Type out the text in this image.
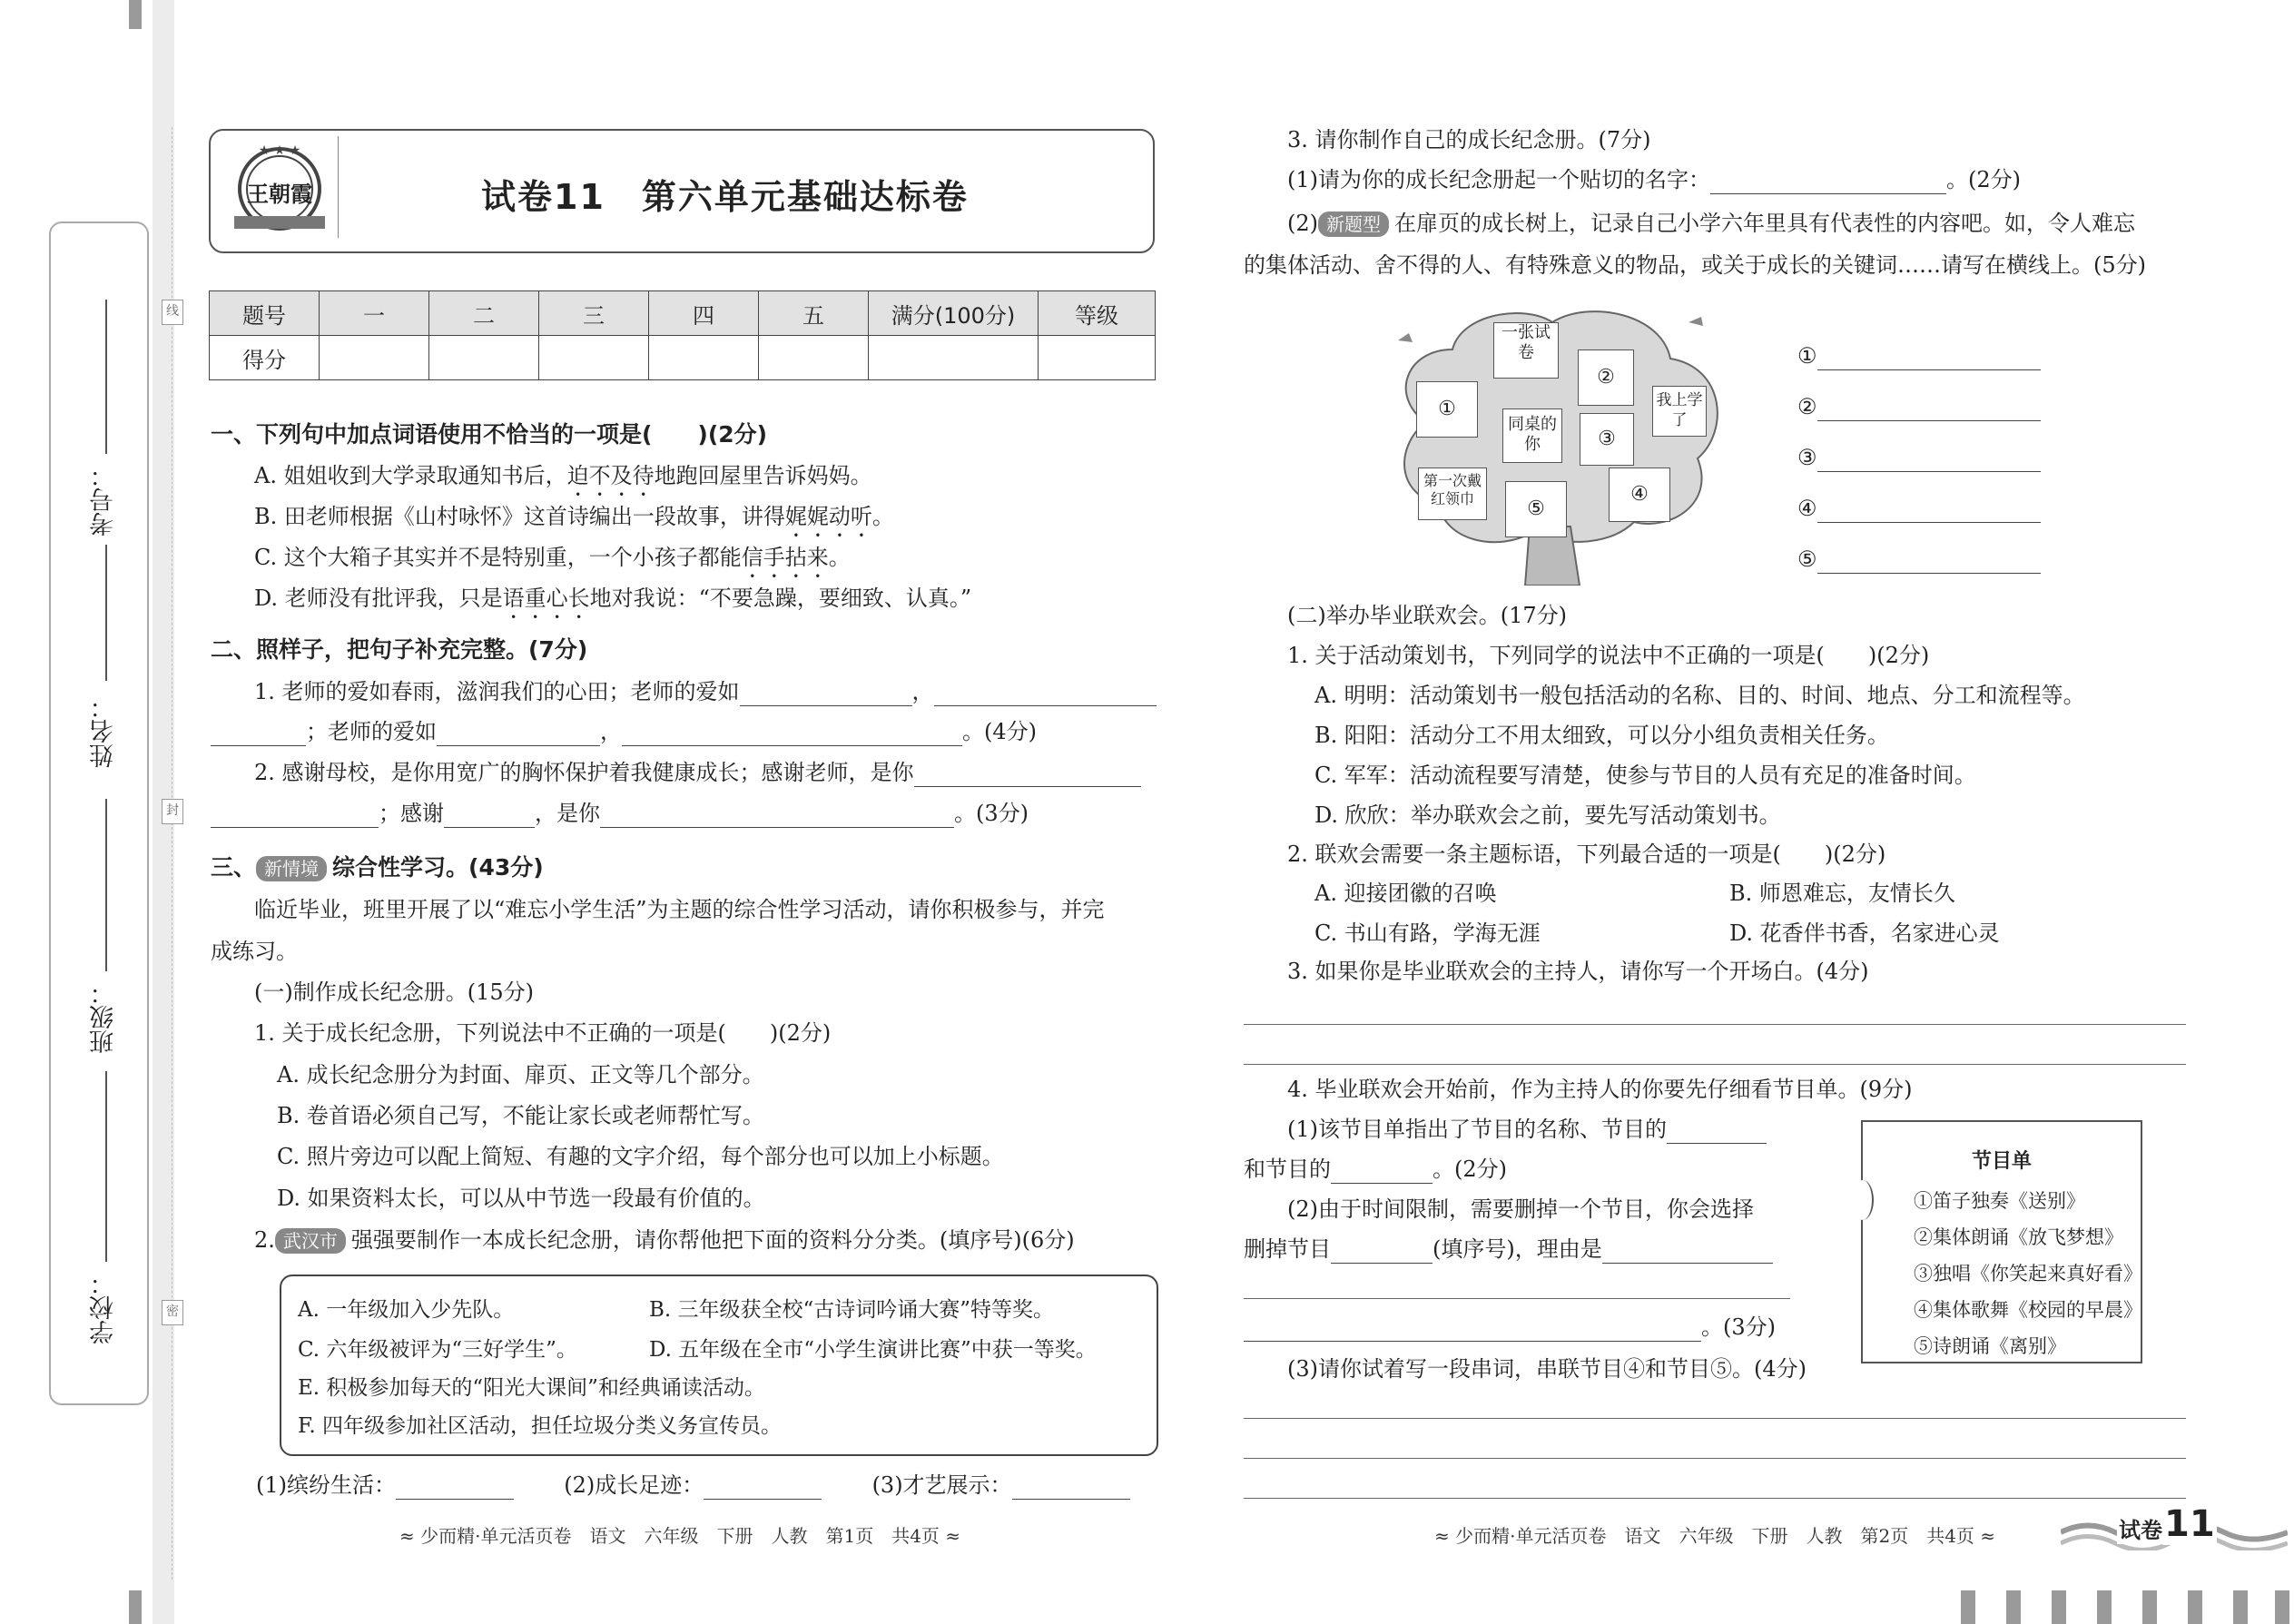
考号：
姓名：
班级：
学校：
线
封
密
★ ★ ★
王朝霞	试卷11　第六单元基础达标卷
题号	一	二	三	四	五	满分(100分)	等级
得分							
一、下列句中加点词语使用不恰当的一项是(　　)(2分)
A. 姐姐收到大学录取通知书后，迫不及待地跑回屋里告诉妈妈。
B. 田老师根据《山村咏怀》这首诗编出一段故事，讲得娓娓动听。
C. 这个大箱子其实并不是特别重，一个小孩子都能信手拈来。
D. 老师没有批评我，只是语重心长地对我说：“不要急躁，要细致、认真。”
二、照样子，把句子补充完整。(7分)
1. 老师的爱如春雨，滋润我们的心田；老师的爱如	，
；老师的爱如	，	。(4分)
2. 感谢母校，是你用宽广的胸怀保护着我健康成长；感谢老师，是你
；感谢	，是你	。(3分)
三、 新情境 综合性学习。(43分)
临近毕业，班里开展了以“难忘小学生活”为主题的综合性学习活动，请你积极参与，并完
成练习。
(一)制作成长纪念册。(15分)
1. 关于成长纪念册，下列说法中不正确的一项是(　　)(2分)
A. 成长纪念册分为封面、扉页、正文等几个部分。
B. 卷首语必须自己写，不能让家长或老师帮忙写。
C. 照片旁边可以配上简短、有趣的文字介绍，每个部分也可以加上小标题。
D. 如果资料太长，可以从中节选一段最有价值的。
2. 武汉市 强强要制作一本成长纪念册，请你帮他把下面的资料分分类。(填序号)(6分)
A. 一年级加入少先队。	B. 三年级获全校“古诗词吟诵大赛”特等奖。
C. 六年级被评为“三好学生”。	D. 五年级在全市“小学生演讲比赛”中获一等奖。
E. 积极参加每天的“阳光大课间”和经典诵读活动。
F. 四年级参加社区活动，担任垃圾分类义务宣传员。
(1)缤纷生活：	(2)成长足迹：	(3)才艺展示：
≈ 少而精·单元活页卷　语文　六年级　下册　人教　第1页　共4页 ≈
3. 请你制作自己的成长纪念册。(7分)
(1)请为你的成长纪念册起一个贴切的名字：	。(2分)
(2) 新题型 在扉页的成长树上，记录自己小学六年里具有代表性的内容吧。如，令人难忘
的集体活动、舍不得的人、有特殊意义的物品，或关于成长的关键词……请写在横线上。(5分)
一张试卷
②
①
同桌的你	③
我上学了
第一次戴红领巾	⑤
④
①
②
③
④
⑤
(二)举办毕业联欢会。(17分)
1. 关于活动策划书，下列同学的说法中不正确的一项是(　　)(2分)
A. 明明：活动策划书一般包括活动的名称、目的、时间、地点、分工和流程等。
B. 阳阳：活动分工不用太细致，可以分小组负责相关任务。
C. 军军：活动流程要写清楚，使参与节目的人员有充足的准备时间。
D. 欣欣：举办联欢会之前，要先写活动策划书。
2. 联欢会需要一条主题标语，下列最合适的一项是(　　)(2分)
A. 迎接团徽的召唤	B. 师恩难忘，友情长久
C. 书山有路，学海无涯	D. 花香伴书香，名家进心灵
3. 如果你是毕业联欢会的主持人，请你写一个开场白。(4分)
4. 毕业联欢会开始前，作为主持人的你要先仔细看节目单。(9分)
(1)该节目单指出了节目的名称、节目的
和节目的	。(2分)
(2)由于时间限制，需要删掉一个节目，你会选择
删掉节目	(填序号)，理由是
。(3分)
(3)请你试着写一段串词，串联节目④和节目⑤。(4分)
节目单
①笛子独奏《送别》
②集体朗诵《放飞梦想》
③独唱《你笑起来真好看》
④集体歌舞《校园的早晨》
⑤诗朗诵《离别》
≈ 少而精·单元活页卷　语文　六年级　下册　人教　第2页　共4页 ≈	试卷 11
